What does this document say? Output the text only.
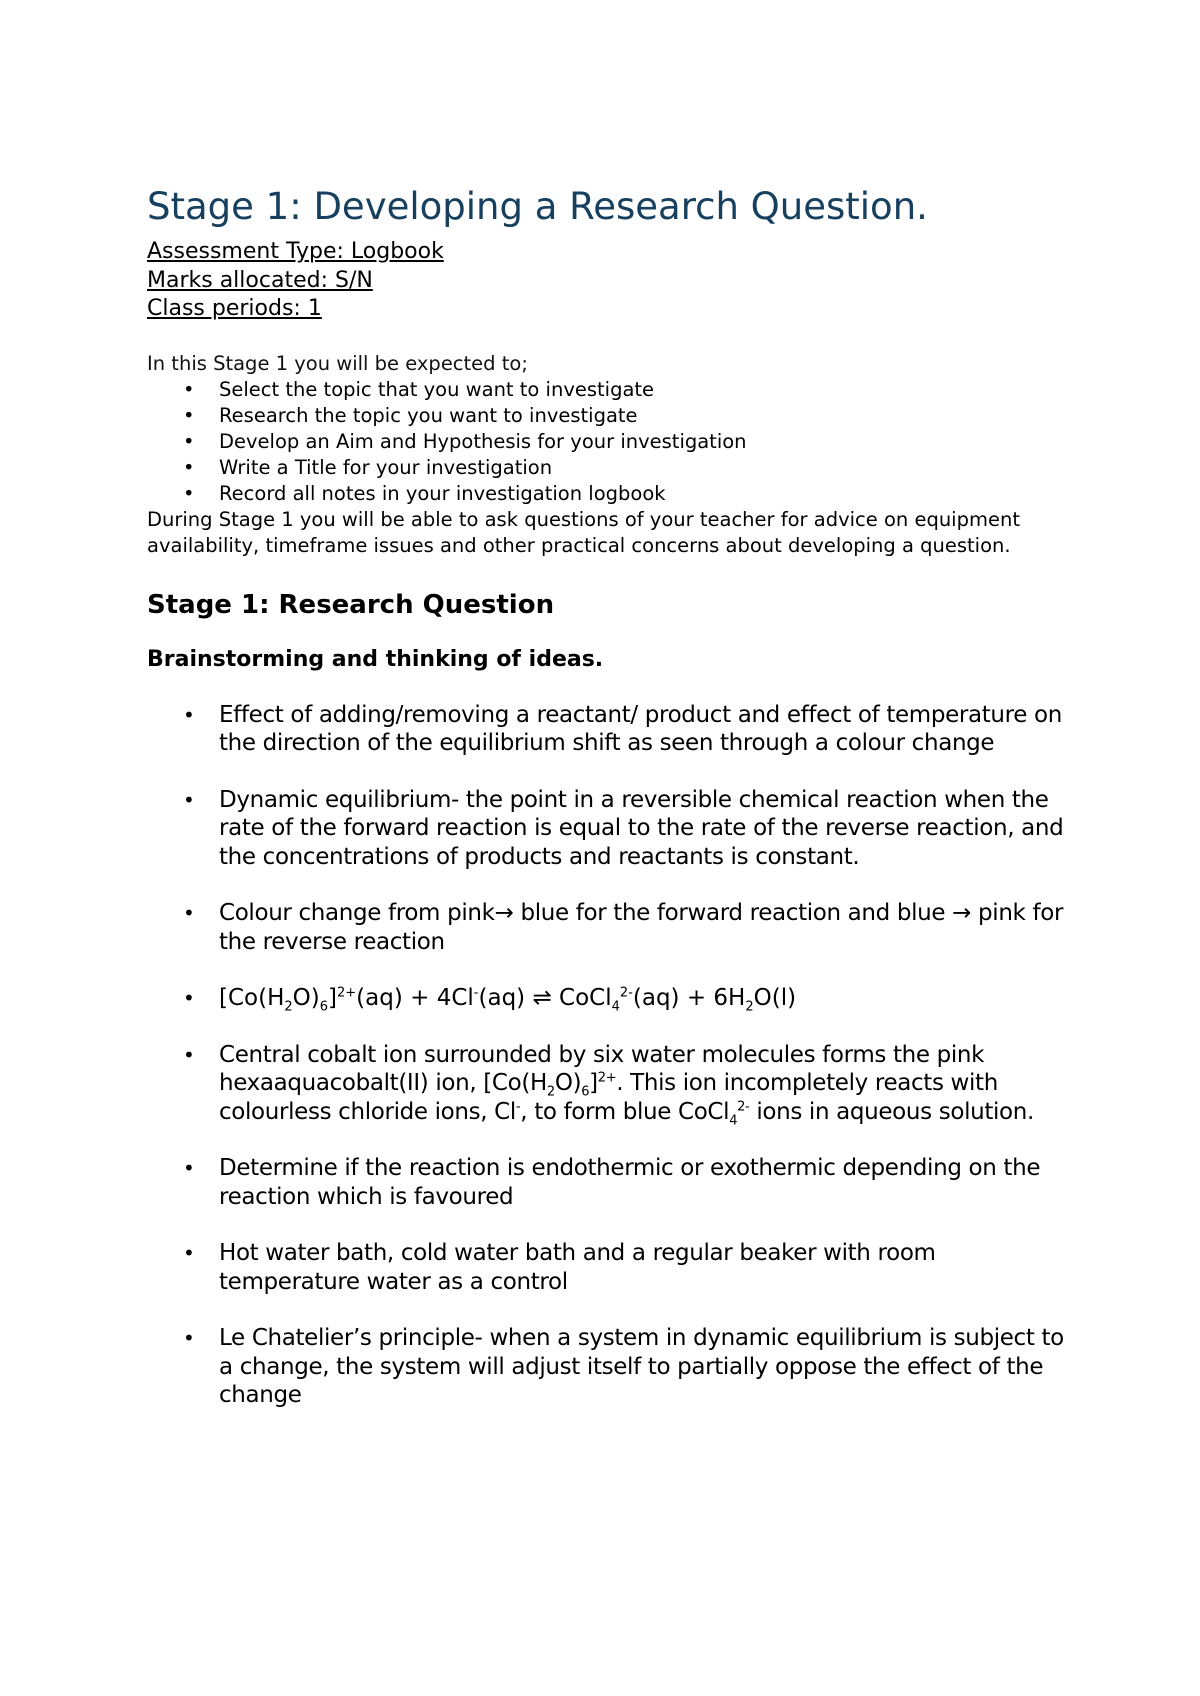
Stage 1: Developing a Research Question.
Assessment Type: Logbook
Marks allocated: S/N
Class periods: 1
In this Stage 1 you will be expected to;
• Select the topic that you want to investigate
• Research the topic you want to investigate
• Develop an Aim and Hypothesis for your investigation
• Write a Title for your investigation
• Record all notes in your investigation logbook
During Stage 1 you will be able to ask questions of your teacher for advice on equipment availability, timeframe issues and other practical concerns about developing a question.
Stage 1: Research Question
Brainstorming and thinking of ideas.
• Effect of adding/removing a reactant/ product and effect of temperature on the direction of the equilibrium shift as seen through a colour change
• Dynamic equilibrium- the point in a reversible chemical reaction when the rate of the forward reaction is equal to the rate of the reverse reaction, and the concentrations of products and reactants is constant.
• Colour change from pink→ blue for the forward reaction and blue → pink for the reverse reaction
• $[Co(H_2O)_6]^{2+}(aq) + 4Cl^-(aq)$ ⇌ CoCl$_4^{2-}$(aq) + $6H_2O(l)$
• Central cobalt ion surrounded by six water molecules forms the pink hexaaquacobalt(II) ion, $[Co(H_2O)_6]^{2+}$. This ion incompletely reacts with colourless chloride ions, Cl-, to form blue CoCl$_4^{2-}$ ions in aqueous solution.
• Determine if the reaction is endothermic or exothermic depending on the reaction which is favoured
• Hot water bath, cold water bath and a regular beaker with room temperature water as a control
• Le Chatelier’s principle- when a system in dynamic equilibrium is subject to a change, the system will adjust itself to partially oppose the effect of the change
